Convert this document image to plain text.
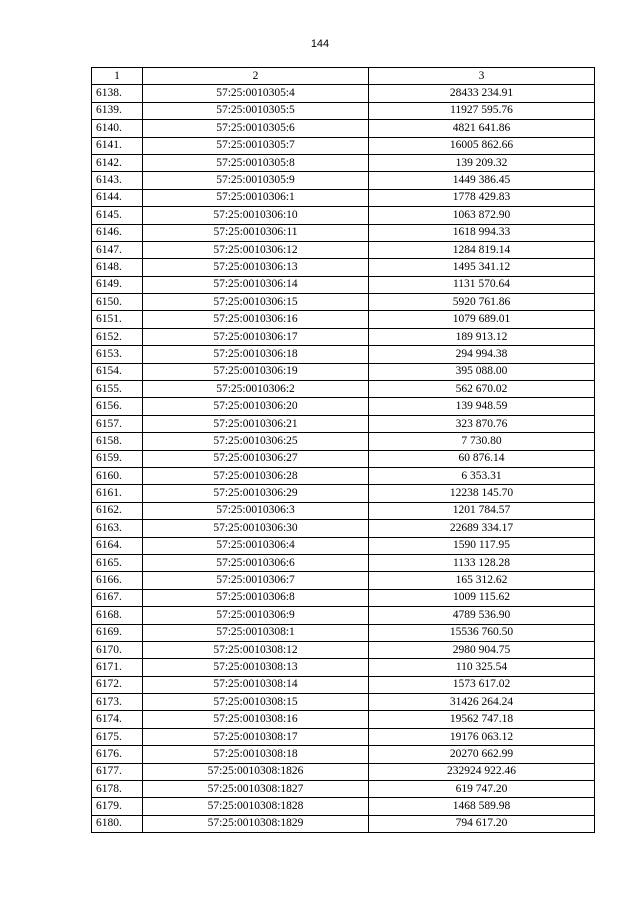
144
1	2	3
6138.	57:25:0010305:4	28433 234.91
6139.	57:25:0010305:5	11927 595.76
6140.	57:25:0010305:6	4821 641.86
6141.	57:25:0010305:7	16005 862.66
6142.	57:25:0010305:8	139 209.32
6143.	57:25:0010305:9	1449 386.45
6144.	57:25:0010306:1	1778 429.83
6145.	57:25:0010306:10	1063 872.90
6146.	57:25:0010306:11	1618 994.33
6147.	57:25:0010306:12	1284 819.14
6148.	57:25:0010306:13	1495 341.12
6149.	57:25:0010306:14	1131 570.64
6150.	57:25:0010306:15	5920 761.86
6151.	57:25:0010306:16	1079 689.01
6152.	57:25:0010306:17	189 913.12
6153.	57:25:0010306:18	294 994.38
6154.	57:25:0010306:19	395 088.00
6155.	57:25:0010306:2	562 670.02
6156.	57:25:0010306:20	139 948.59
6157.	57:25:0010306:21	323 870.76
6158.	57:25:0010306:25	7 730.80
6159.	57:25:0010306:27	60 876.14
6160.	57:25:0010306:28	6 353.31
6161.	57:25:0010306:29	12238 145.70
6162.	57:25:0010306:3	1201 784.57
6163.	57:25:0010306:30	22689 334.17
6164.	57:25:0010306:4	1590 117.95
6165.	57:25:0010306:6	1133 128.28
6166.	57:25:0010306:7	165 312.62
6167.	57:25:0010306:8	1009 115.62
6168.	57:25:0010306:9	4789 536.90
6169.	57:25:0010308:1	15536 760.50
6170.	57:25:0010308:12	2980 904.75
6171.	57:25:0010308:13	110 325.54
6172.	57:25:0010308:14	1573 617.02
6173.	57:25:0010308:15	31426 264.24
6174.	57:25:0010308:16	19562 747.18
6175.	57:25:0010308:17	19176 063.12
6176.	57:25:0010308:18	20270 662.99
6177.	57:25:0010308:1826	232924 922.46
6178.	57:25:0010308:1827	619 747.20
6179.	57:25:0010308:1828	1468 589.98
6180.	57:25:0010308:1829	794 617.20
